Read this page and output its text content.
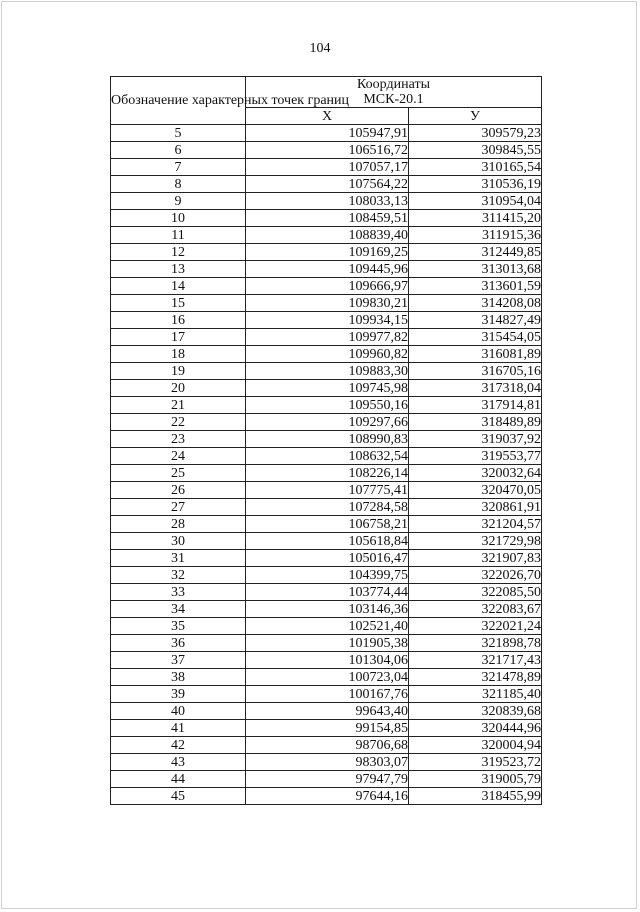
104
Обозначение характерных точек границ	Координаты
МСК-20.1	
	Х	У
5	105947,91	309579,23
6	106516,72	309845,55
7	107057,17	310165,54
8	107564,22	310536,19
9	108033,13	310954,04
10	108459,51	311415,20
11	108839,40	311915,36
12	109169,25	312449,85
13	109445,96	313013,68
14	109666,97	313601,59
15	109830,21	314208,08
16	109934,15	314827,49
17	109977,82	315454,05
18	109960,82	316081,89
19	109883,30	316705,16
20	109745,98	317318,04
21	109550,16	317914,81
22	109297,66	318489,89
23	108990,83	319037,92
24	108632,54	319553,77
25	108226,14	320032,64
26	107775,41	320470,05
27	107284,58	320861,91
28	106758,21	321204,57
30	105618,84	321729,98
31	105016,47	321907,83
32	104399,75	322026,70
33	103774,44	322085,50
34	103146,36	322083,67
35	102521,40	322021,24
36	101905,38	321898,78
37	101304,06	321717,43
38	100723,04	321478,89
39	100167,76	321185,40
40	99643,40	320839,68
41	99154,85	320444,96
42	98706,68	320004,94
43	98303,07	319523,72
44	97947,79	319005,79
45	97644,16	318455,99
